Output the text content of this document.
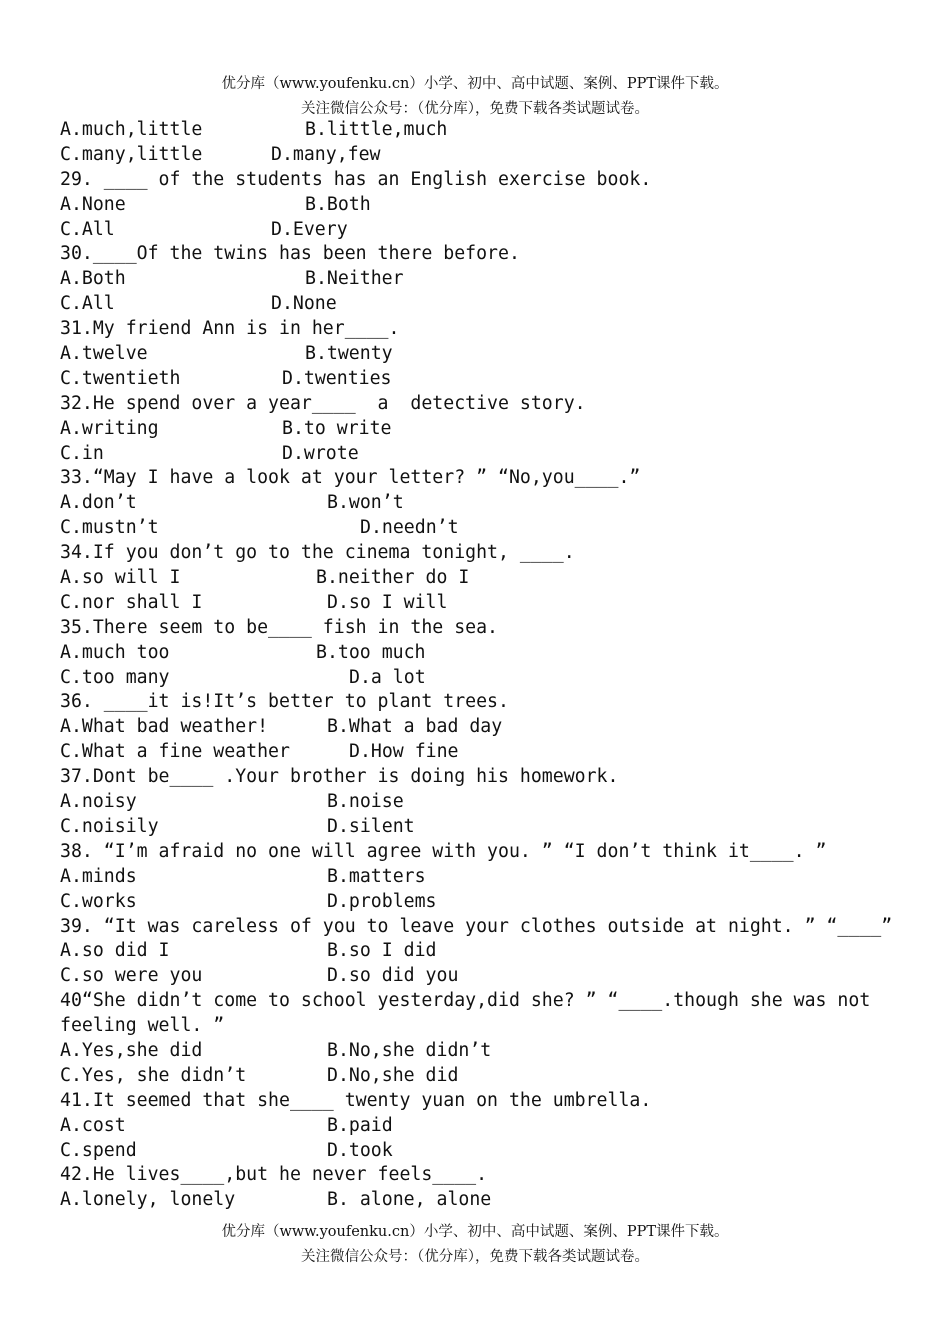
优分库（www.youfenku.cn）小学、初中、高中试题、案例、PPT课件下载。
关注微信公众号：（优分库），免费下载各类试题试卷。
A.much,little	B.little,much
C.many,little	D.many,few
29. ____ of the students has an English exercise book.
A.None	B.Both
C.All	D.Every
30.____Of the twins has been there before.
A.Both	B.Neither
C.All	D.None
31.My friend Ann is in her____.
A.twelve	B.twenty
C.twentieth	D.twenties
32.He spend over a year____  a  detective story.
A.writing	B.to write
C.in	D.wrote
33.“May I have a look at your letter? ” “No,you____.”
A.don’t	B.won’t
C.mustn’t	D.needn’t
34.If you don’t go to the cinema tonight, ____.
A.so will I	B.neither do I
C.nor shall I	D.so I will
35.There seem to be____ fish in the sea.
A.much too	B.too much
C.too many	D.a lot
36. ____it is!It’s better to plant trees.
A.What bad weather!	B.What a bad day
C.What a fine weather	D.How fine
37.Dont be____ .Your brother is doing his homework.
A.noisy	B.noise
C.noisily	D.silent
38. “I’m afraid no one will agree with you. ” “I don’t think it____. ”
A.minds	B.matters
C.works	D.problems
39. “It was careless of you to leave your clothes outside at night. ” “____”
A.so did I	B.so I did
C.so were you	D.so did you
40“She didn’t come to school yesterday,did she? ” “____.though she was not
feeling well. ”
A.Yes,she did	B.No,she didn’t
C.Yes, she didn’t	D.No,she did
41.It seemed that she____ twenty yuan on the umbrella.
A.cost	B.paid
C.spend	D.took
42.He lives____,but he never feels____.
A.lonely, lonely	B. alone, alone
优分库（www.youfenku.cn）小学、初中、高中试题、案例、PPT课件下载。
关注微信公众号：（优分库），免费下载各类试题试卷。
